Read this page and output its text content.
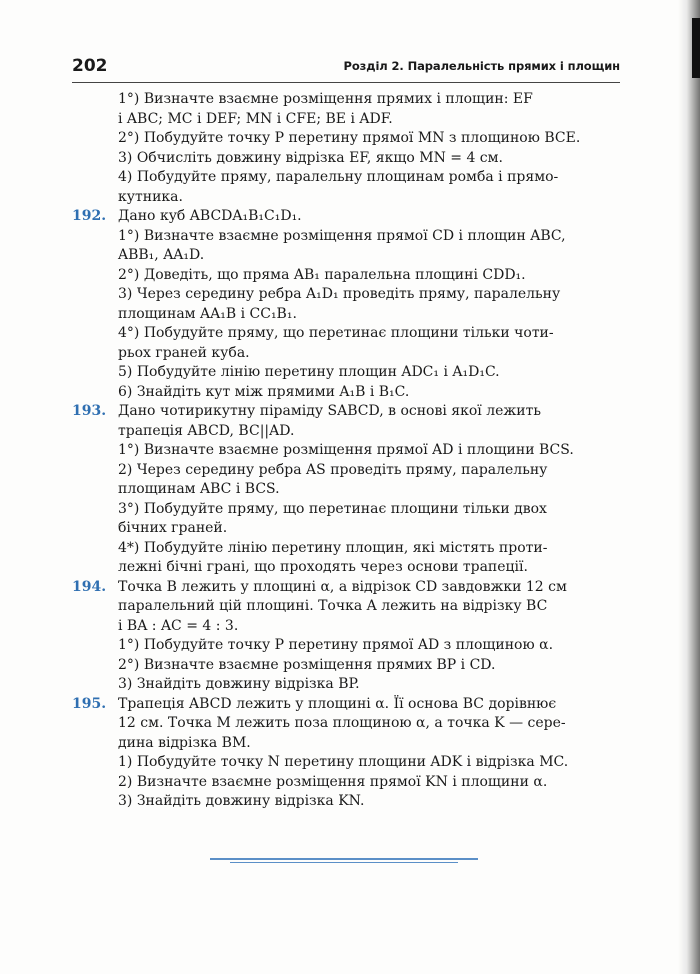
202	Розділ 2. Паралельність прямих і площин

1°) Визначте взаємне розміщення прямих і площин: EF

і ABC; MC і DEF; MN і CFE; BE і ADF.

2°) Побудуйте точку P перетину прямої MN з площиною BCE.

3) Обчисліть довжину відрізка EF, якщо MN = 4 см.

4) Побудуйте пряму, паралельну площинам ромба і прямо-

кутника.

192. Дано куб ABCDA₁B₁C₁D₁.

1°) Визначте взаємне розміщення прямої CD і площин ABC,

ABB₁, AA₁D.

2°) Доведіть, що пряма AB₁ паралельна площині CDD₁.

3) Через середину ребра A₁D₁ проведіть пряму, паралельну

площинам AA₁B і CC₁B₁.

4°) Побудуйте пряму, що перетинає площини тільки чоти-

рьох граней куба.

5) Побудуйте лінію перетину площин ADC₁ і A₁D₁C.

6) Знайдіть кут між прямими A₁B і B₁C.

193. Дано чотирикутну піраміду SABCD, в основі якої лежить

трапеція ABCD, BC||AD.

1°) Визначте взаємне розміщення прямої AD і площини BCS.

2) Через середину ребра AS проведіть пряму, паралельну

площинам ABC і BCS.

3°) Побудуйте пряму, що перетинає площини тільки двох

бічних граней.

4*) Побудуйте лінію перетину площин, які містять проти-

лежні бічні грані, що проходять через основи трапеції.

194. Точка B лежить у площині α, а відрізок CD завдовжки 12 см

паралельний цій площині. Точка A лежить на відрізку BC

і BA : AC = 4 : 3.

1°) Побудуйте точку P перетину прямої AD з площиною α.

2°) Визначте взаємне розміщення прямих BP і CD.

3) Знайдіть довжину відрізка BP.

195. Трапеція ABCD лежить у площині α. Її основа BC дорівнює

12 см. Точка M лежить поза площиною α, а точка K — сере-

дина відрізка BM.

1) Побудуйте точку N перетину площини ADK і відрізка MC.

2) Визначте взаємне розміщення прямої KN і площини α.

3) Знайдіть довжину відрізка KN.
